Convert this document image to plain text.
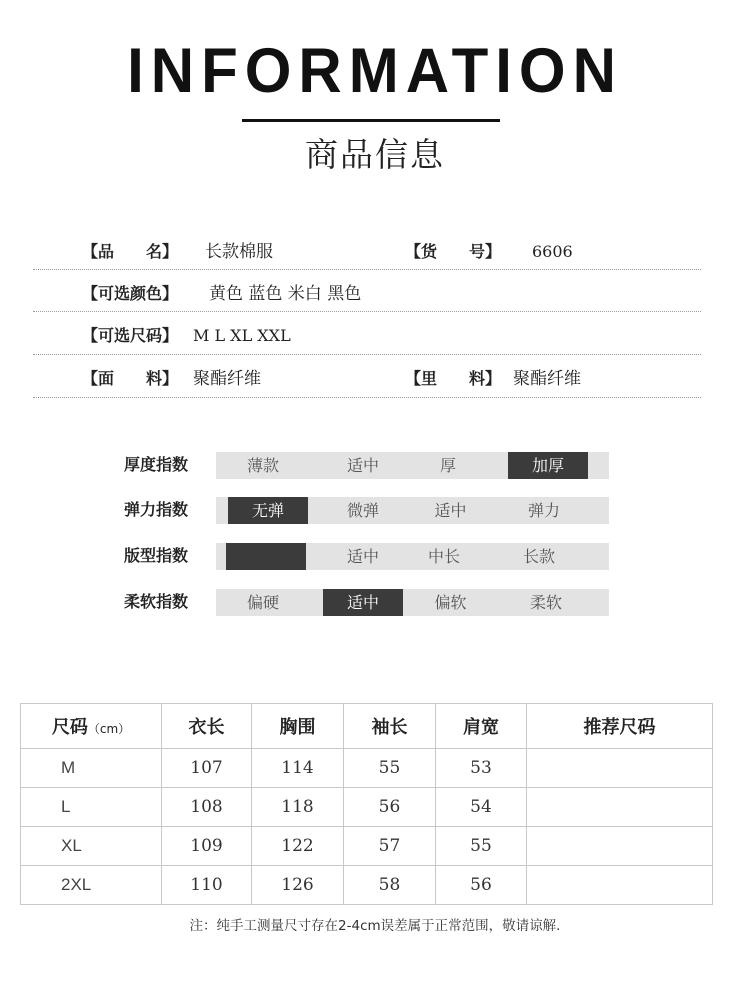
INFORMATION
商品信息
【品　　名】 长款棉服	【货　　号】 6606
【可选颜色】 黄色 蓝色 米白 黑色
【可选尺码】 M L XL XXL
【面　　料】 聚酯纤维	【里　　料】 聚酯纤维
厚度指数	薄款	适中	厚	加厚
弹力指数	无弹	微弹	适中	弹力
版型指数	适中	中长	长款
柔软指数	偏硬	适中	偏软	柔软
尺码（cm）	衣长	胸围	袖长	肩宽	推荐尺码
M	107	114	55	53	
L	108	118	56	54	
XL	109	122	57	55	
2XL	110	126	58	56	
注：纯手工测量尺寸存在2-4cm误差属于正常范围，敬请谅解.
